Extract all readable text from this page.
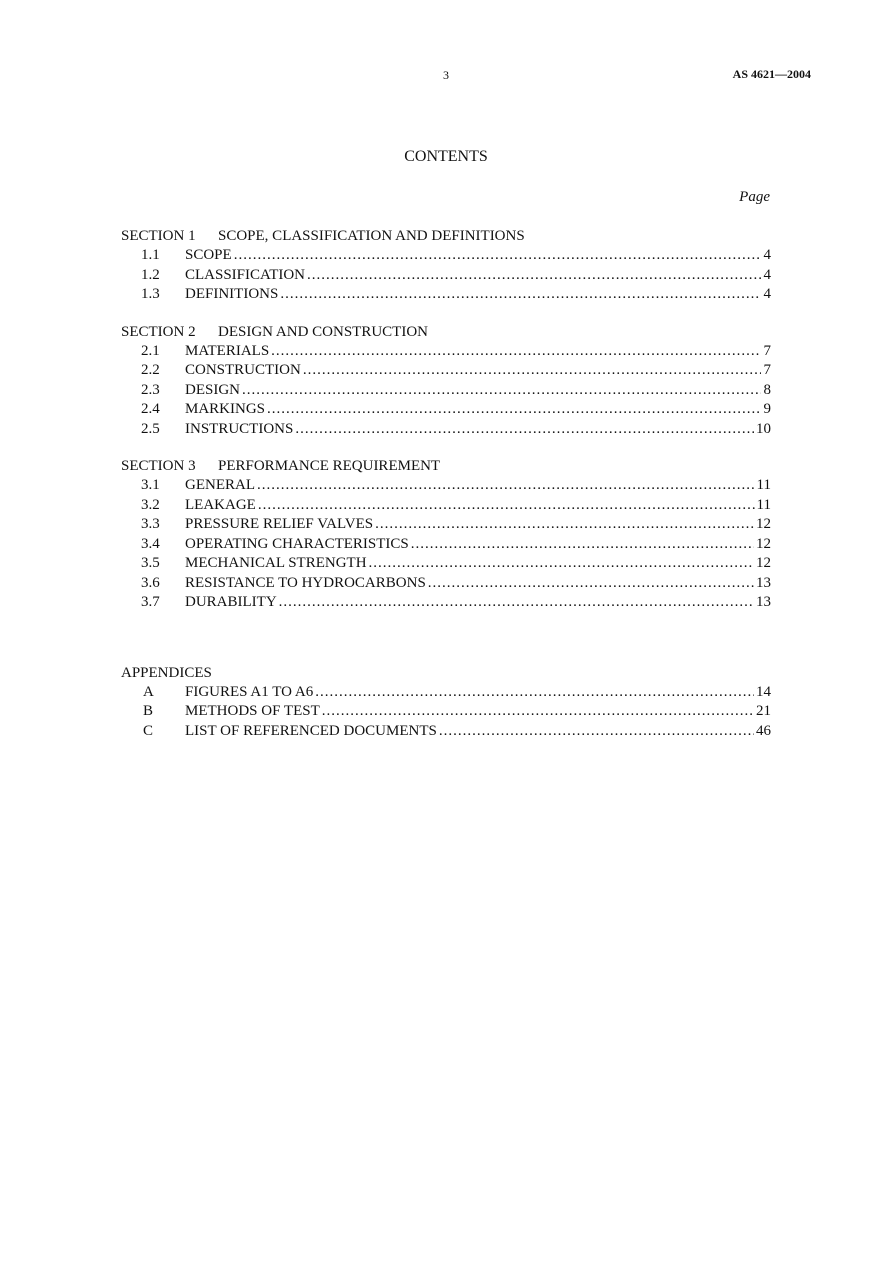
3	AS 4621—2004
CONTENTS
Page
SECTION 1 SCOPE, CLASSIFICATION AND DEFINITIONS
1.1	SCOPE .....	4
1.2	CLASSIFICATION .....	4
1.3	DEFINITIONS .....	4
SECTION 2 DESIGN AND CONSTRUCTION
2.1	MATERIALS .....	7
2.2	CONSTRUCTION .....	7
2.3	DESIGN .....	8
2.4	MARKINGS .....	9
2.5	INSTRUCTIONS .....	10
SECTION 3 PERFORMANCE REQUIREMENT
3.1	GENERAL .....	11
3.2	LEAKAGE .....	11
3.3	PRESSURE RELIEF VALVES .....	12
3.4	OPERATING CHARACTERISTICS .....	12
3.5	MECHANICAL STRENGTH .....	12
3.6	RESISTANCE TO HYDROCARBONS .....	13
3.7	DURABILITY .....	13
APPENDICES
A	FIGURES A1 TO A6 .....	14
B	METHODS OF TEST .....	21
C	LIST OF REFERENCED DOCUMENTS .....	46
